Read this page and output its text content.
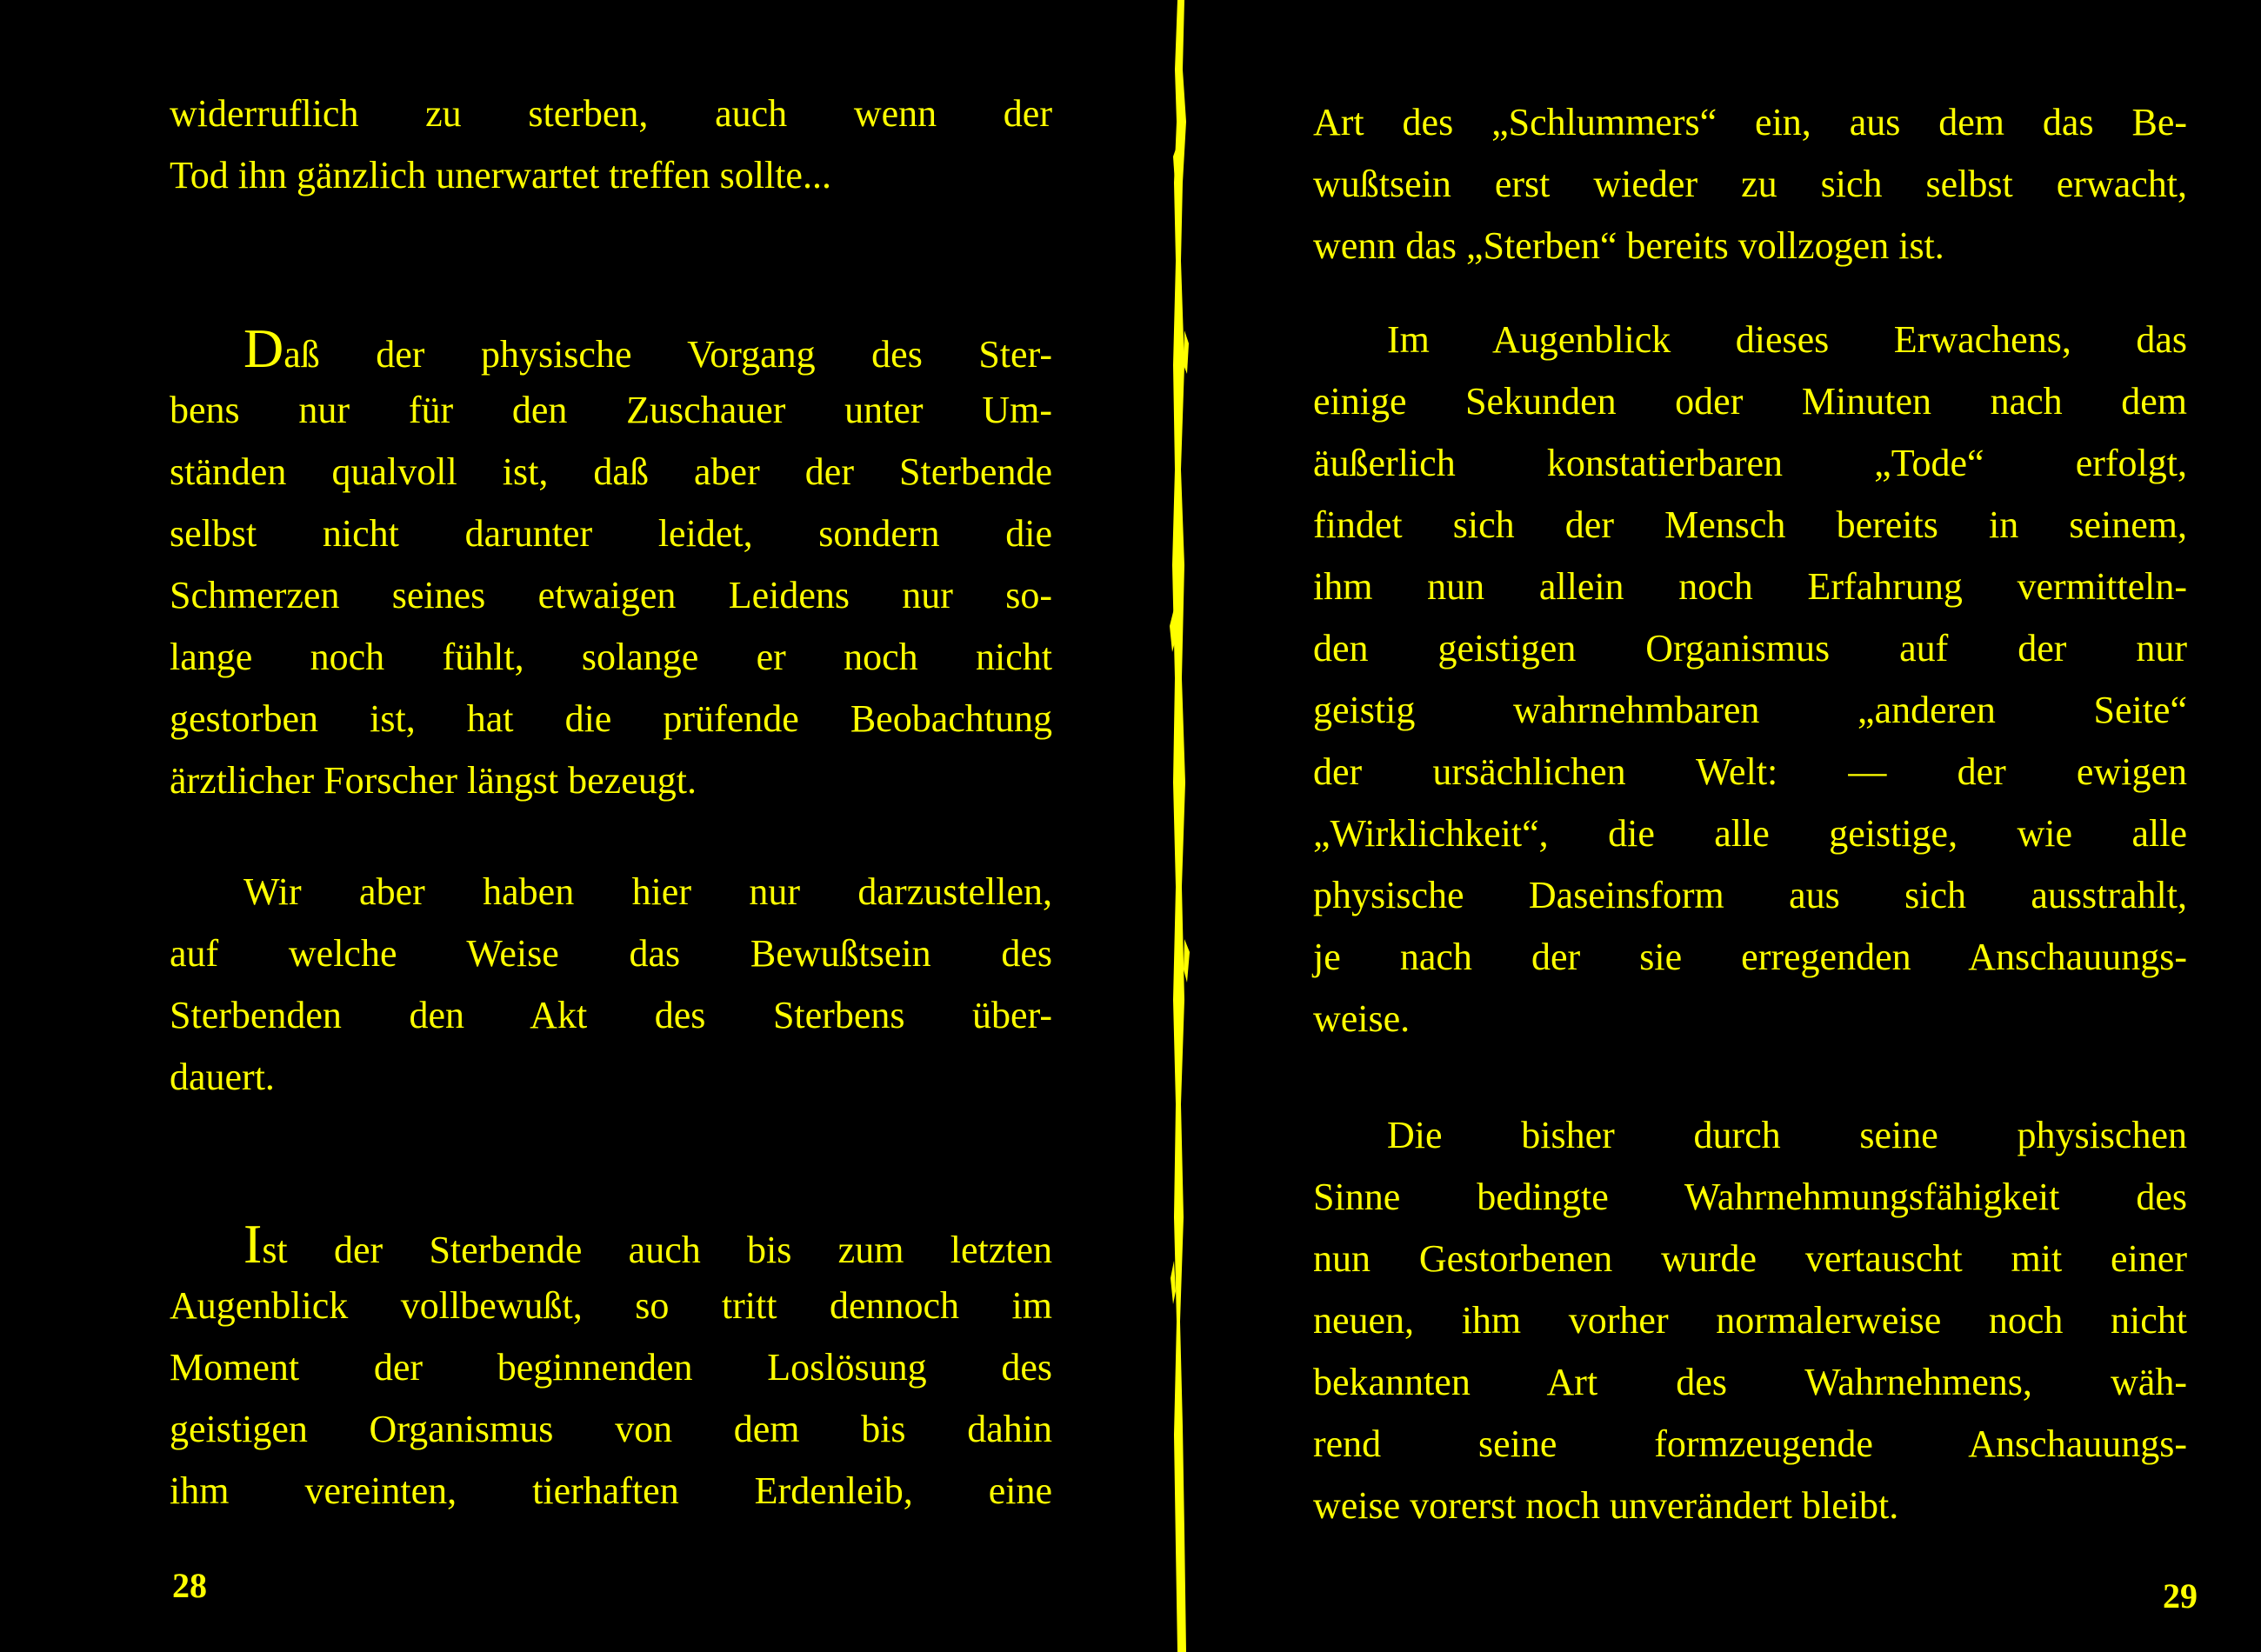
widerruflich zu sterben, auch wenn der
Tod ihn gänzlich unerwartet treffen sollte...
Daß der physische Vorgang des Ster-
bens nur für den Zuschauer unter Um-
ständen qualvoll ist, daß aber der Sterbende
selbst nicht darunter leidet, sondern die
Schmerzen seines etwaigen Leidens nur so-
lange noch fühlt, solange er noch nicht
gestorben ist, hat die prüfende Beobachtung
ärztlicher Forscher längst bezeugt.
Wir aber haben hier nur darzustellen,
auf welche Weise das Bewußtsein des
Sterbenden den Akt des Sterbens über-
dauert.
Ist der Sterbende auch bis zum letzten
Augenblick vollbewußt, so tritt dennoch im
Moment der beginnenden Loslösung des
geistigen Organismus von dem bis dahin
ihm vereinten, tierhaften Erdenleib, eine
28
Art des „Schlummers“ ein, aus dem das Be-
wußtsein erst wieder zu sich selbst erwacht,
wenn das „Sterben“ bereits vollzogen ist.
Im Augenblick dieses Erwachens, das
einige Sekunden oder Minuten nach dem
äußerlich konstatierbaren „Tode“ erfolgt,
findet sich der Mensch bereits in seinem,
ihm nun allein noch Erfahrung vermitteln-
den geistigen Organismus auf der nur
geistig wahrnehmbaren „anderen Seite“
der ursächlichen Welt: — der ewigen
„Wirklichkeit“, die alle geistige, wie alle
physische Daseinsform aus sich ausstrahlt,
je nach der sie erregenden Anschauungs-
weise.
Die bisher durch seine physischen
Sinne bedingte Wahrnehmungsfähigkeit des
nun Gestorbenen wurde vertauscht mit einer
neuen, ihm vorher normalerweise noch nicht
bekannten Art des Wahrnehmens, wäh-
rend seine formzeugende Anschauungs-
weise vorerst noch unverändert bleibt.
29
